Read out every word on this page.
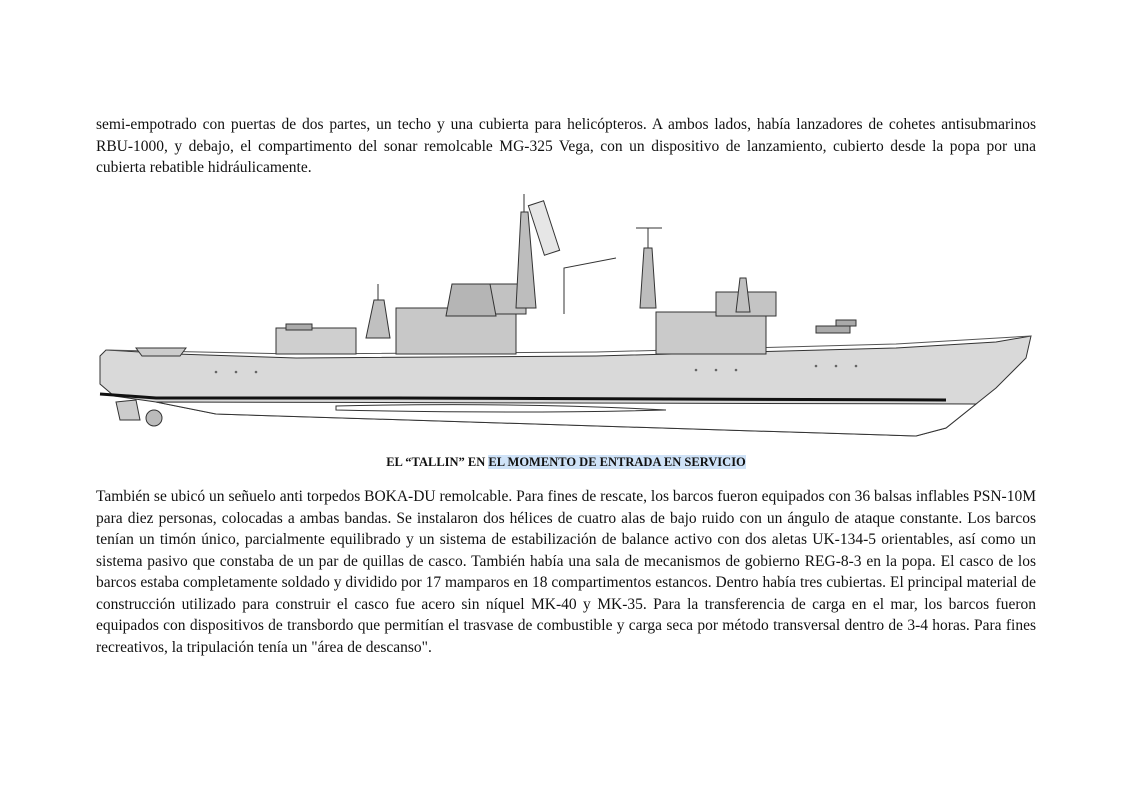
semi-empotrado con puertas de dos partes, un techo y una cubierta para helicópteros. A ambos lados, había lanzadores de cohetes antisubmarinos RBU-1000, y debajo, el compartimento del sonar remolcable MG-325 Vega, con un dispositivo de lanzamiento, cubierto desde la popa por una cubierta rebatible hidráulicamente.

EL “TALLIN” EN EL MOMENTO DE ENTRADA EN SERVICIO

También se ubicó un señuelo anti torpedos BOKA-DU remolcable. Para fines de rescate, los barcos fueron equipados con 36 balsas inflables PSN-10M para diez personas, colocadas a ambas bandas. Se instalaron dos hélices de cuatro alas de bajo ruido con un ángulo de ataque constante. Los barcos tenían un timón único, parcialmente equilibrado y un sistema de estabilización de balance activo con dos aletas UK-134-5 orientables, así como un sistema pasivo que constaba de un par de quillas de casco. También había una sala de mecanismos de gobierno REG-8-3 en la popa. El casco de los barcos estaba completamente soldado y dividido por 17 mamparos en 18 compartimentos estancos. Dentro había tres cubiertas. El principal material de construcción utilizado para construir el casco fue acero sin níquel MK-40 y MK-35. Para la transferencia de carga en el mar, los barcos fueron equipados con dispositivos de transbordo que permitían el trasvase de combustible y carga seca por método transversal dentro de 3-4 horas. Para fines recreativos, la tripulación tenía un "área de descanso".
